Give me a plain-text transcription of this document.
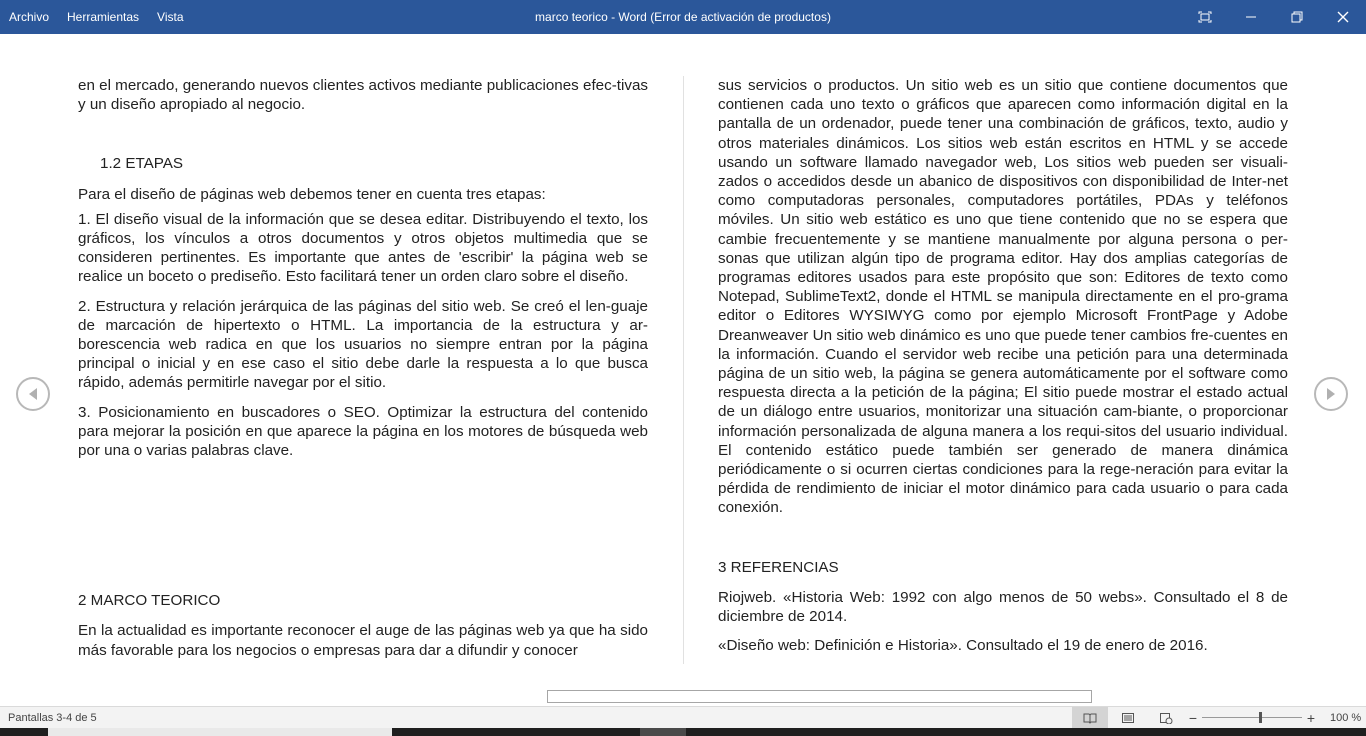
Archivo	Herramientas	Vista	marco teorico - Word (Error de activación de productos)

en el mercado, generando nuevos clientes activos mediante publicaciones efec-tivas y un diseño apropiado al negocio.

1.2 ETAPAS

Para el diseño de páginas web debemos tener en cuenta tres etapas:

1. El diseño visual de la información que se desea editar. Distribuyendo el texto, los gráficos, los vínculos a otros documentos y otros objetos multimedia que se consideren pertinentes. Es importante que antes de 'escribir' la página web se realice un boceto o prediseño. Esto facilitará tener un orden claro sobre el diseño.

2. Estructura y relación jerárquica de las páginas del sitio web. Se creó el len-guaje de marcación de hipertexto o HTML. La importancia de la estructura y ar-borescencia web radica en que los usuarios no siempre entran por la página principal o inicial y en ese caso el sitio debe darle la respuesta a lo que busca rápido, además permitirle navegar por el sitio.

3. Posicionamiento en buscadores o SEO. Optimizar la estructura del contenido para mejorar la posición en que aparece la página en los motores de búsqueda web por una o varias palabras clave.

2 MARCO TEORICO

En la actualidad es importante reconocer el auge de las páginas web ya que ha sido más favorable para los negocios o empresas para dar a difundir y conocer

sus servicios o productos. Un sitio web es un sitio que contiene documentos que contienen cada uno texto o gráficos que aparecen como información digital en la pantalla de un ordenador, puede tener una combinación de gráficos, texto, audio y otros materiales dinámicos. Los sitios web están escritos en HTML y se accede usando un software llamado navegador web, Los sitios web pueden ser visuali-zados o accedidos desde un abanico de dispositivos con disponibilidad de Inter-net como computadoras personales, computadores portátiles, PDAs y teléfonos móviles. Un sitio web estático es uno que tiene contenido que no se espera que cambie frecuentemente y se mantiene manualmente por alguna persona o per-sonas que utilizan algún tipo de programa editor. Hay dos amplias categorías de programas editores usados para este propósito que son: Editores de texto como Notepad, SublimeText2, donde el HTML se manipula directamente en el pro-grama editor o Editores WYSIWYG como por ejemplo Microsoft FrontPage y Adobe Dreanweaver Un sitio web dinámico es uno que puede tener cambios fre-cuentes en la información. Cuando el servidor web recibe una petición para una determinada página de un sitio web, la página se genera automáticamente por el software como respuesta directa a la petición de la página; El sitio puede mostrar el estado actual de un diálogo entre usuarios, monitorizar una situación cam-biante, o proporcionar información personalizada de alguna manera a los requi-sitos del usuario individual. El contenido estático puede también ser generado de manera dinámica periódicamente o si ocurren ciertas condiciones para la rege-neración para evitar la pérdida de rendimiento de iniciar el motor dinámico para cada usuario o para cada conexión.

3 REFERENCIAS

Riojweb. «Historia Web: 1992 con algo menos de 50 webs». Consultado el 8 de diciembre de 2014.

«Diseño web: Definición e Historia». Consultado el 19 de enero de 2016.

Pantallas 3-4 de 5	−	+ 100 %
